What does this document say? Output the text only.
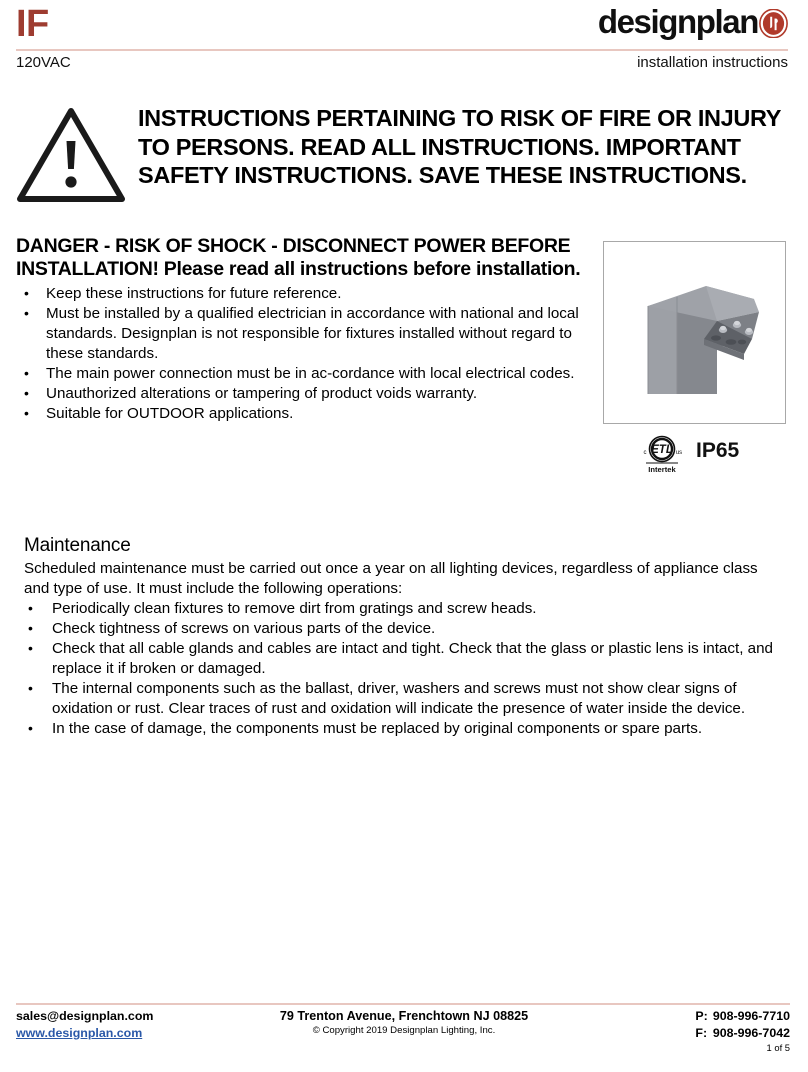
IF	designplan
120VAC	installation instructions
INSTRUCTIONS PERTAINING TO RISK OF FIRE OR INJURY TO PERSONS. READ ALL INSTRUCTIONS. IMPORTANT SAFETY INSTRUCTIONS. SAVE THESE INSTRUCTIONS.
DANGER - RISK OF SHOCK - DISCONNECT POWER BEFORE
INSTALLATION! Please read all instructions before installation.
• Keep these instructions for future reference.
• Must be installed by a qualified electrician in accordance with national and local standards. Designplan is not responsible for fixtures installed without regard to these standards.
• The main power connection must be in ac-cordance with local electrical codes.
• Unauthorized alterations or tampering of product voids warranty.
• Suitable for OUTDOOR applications.
ETL
c	us
Intertek
IP65
Maintenance

Scheduled maintenance must be carried out once a year on all lighting devices, regardless of appliance class and type of use. It must include the following operations:

• Periodically clean fixtures to remove dirt from gratings and screw heads.
• Check tightness of screws on various parts of the device.
• Check that all cable glands and cables are intact and tight. Check that the glass or plastic lens is intact, and replace it if broken or damaged.
• The internal components such as the ballast, driver, washers and screws must not show clear signs of oxidation or rust. Clear traces of rust and oxidation will indicate the presence of water inside the device.
• In the case of damage, the components must be replaced by original components or spare parts.
sales@designplan.com
www.designplan.com
79 Trenton Avenue, Frenchtown NJ 08825
© Copyright 2019 Designplan Lighting, Inc.
P: 908-996-7710
F: 908-996-7042
1 of 5
